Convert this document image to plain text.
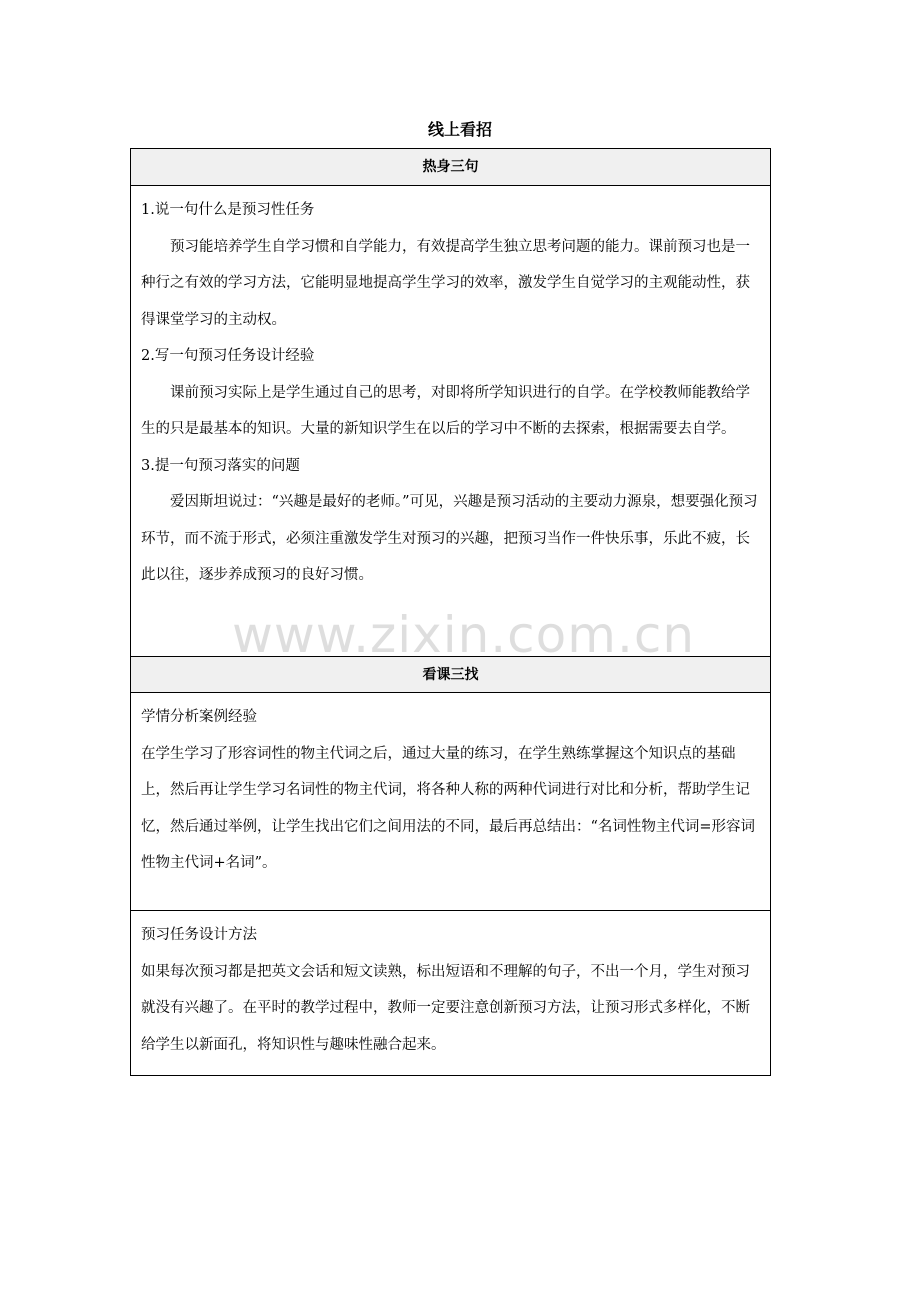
线上看招
热身三句

1.说一句什么是预习性任务

预习能培养学生自学习惯和自学能力，有效提高学生独立思考问题的能力。课前预习也是一种行之有效的学习方法，它能明显地提高学生学习的效率，激发学生自觉学习的主观能动性，获得课堂学习的主动权。

2.写一句预习任务设计经验

课前预习实际上是学生通过自己的思考，对即将所学知识进行的自学。在学校教师能教给学生的只是最基本的知识。大量的新知识学生在以后的学习中不断的去探索，根据需要去自学。

3.提一句预习落实的问题

爱因斯坦说过：“兴趣是最好的老师。”可见，兴趣是预习活动的主要动力源泉，想要强化预习环节，而不流于形式，必须注重激发学生对预习的兴趣，把预习当作一件快乐事，乐此不疲，长此以往，逐步养成预习的良好习惯。

看课三找

学情分析案例经验

在学生学习了形容词性的物主代词之后，通过大量的练习，在学生熟练掌握这个知识点的基础上，然后再让学生学习名词性的物主代词，将各种人称的两种代词进行对比和分析，帮助学生记忆，然后通过举例，让学生找出它们之间用法的不同，最后再总结出：“名词性物主代词=形容词性物主代词+名词”。

预习任务设计方法

如果每次预习都是把英文会话和短文读熟，标出短语和不理解的句子，不出一个月，学生对预习就没有兴趣了。在平时的教学过程中，教师一定要注意创新预习方法，让预习形式多样化，不断给学生以新面孔，将知识性与趣味性融合起来。

www.zixin.com.cn
